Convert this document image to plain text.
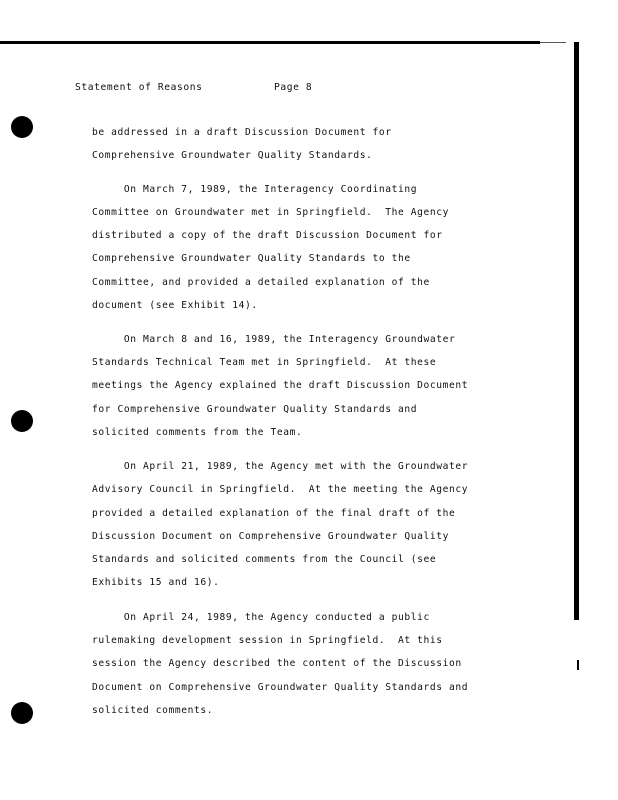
Statement of Reasons	Page 8
be addressed in a draft Discussion Document for
Comprehensive Groundwater Quality Standards.
On March 7, 1989, the Interagency Coordinating
Committee on Groundwater met in Springfield.  The Agency
distributed a copy of the draft Discussion Document for
Comprehensive Groundwater Quality Standards to the
Committee, and provided a detailed explanation of the
document (see Exhibit 14).
On March 8 and 16, 1989, the Interagency Groundwater
Standards Technical Team met in Springfield.  At these
meetings the Agency explained the draft Discussion Document
for Comprehensive Groundwater Quality Standards and
solicited comments from the Team.
On April 21, 1989, the Agency met with the Groundwater
Advisory Council in Springfield.  At the meeting the Agency
provided a detailed explanation of the final draft of the
Discussion Document on Comprehensive Groundwater Quality
Standards and solicited comments from the Council (see
Exhibits 15 and 16).
On April 24, 1989, the Agency conducted a public
rulemaking development session in Springfield.  At this
session the Agency described the content of the Discussion
Document on Comprehensive Groundwater Quality Standards and
solicited comments.
